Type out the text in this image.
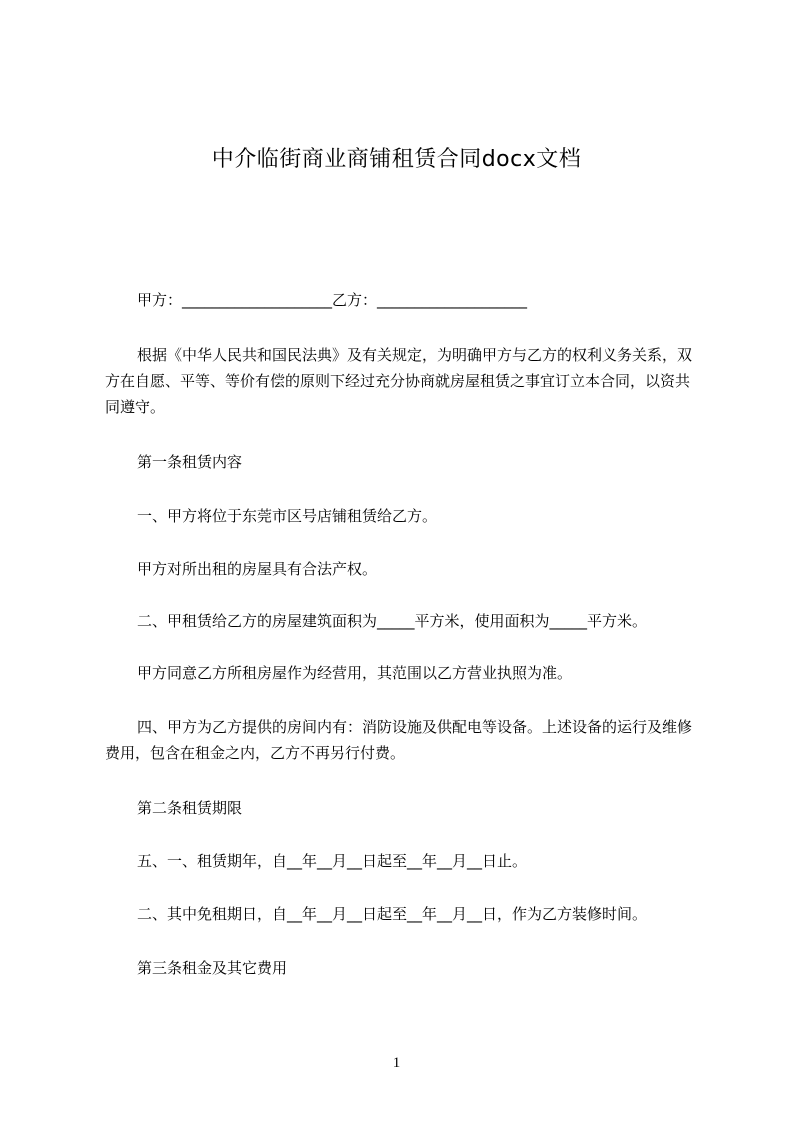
中介临街商业商铺租赁合同docx文档
甲方：____________________乙方：____________________
根据《中华人民共和国民法典》及有关规定，为明确甲方与乙方的权利义务关系，双方在自愿、平等、等价有偿的原则下经过充分协商就房屋租赁之事宜订立本合同，以资共同遵守。
第一条租赁内容
一、甲方将位于东莞市区号店铺租赁给乙方。
甲方对所出租的房屋具有合法产权。
二、甲租赁给乙方的房屋建筑面积为_____平方米，使用面积为_____平方米。
甲方同意乙方所租房屋作为经营用，其范围以乙方营业执照为准。
四、甲方为乙方提供的房间内有：消防设施及供配电等设备。上述设备的运行及维修费用，包含在租金之内，乙方不再另行付费。
第二条租赁期限
五、一、租赁期年，自__年__月__日起至__年__月__日止。
二、其中免租期日，自__年__月__日起至__年__月__日，作为乙方装修时间。
第三条租金及其它费用
1
